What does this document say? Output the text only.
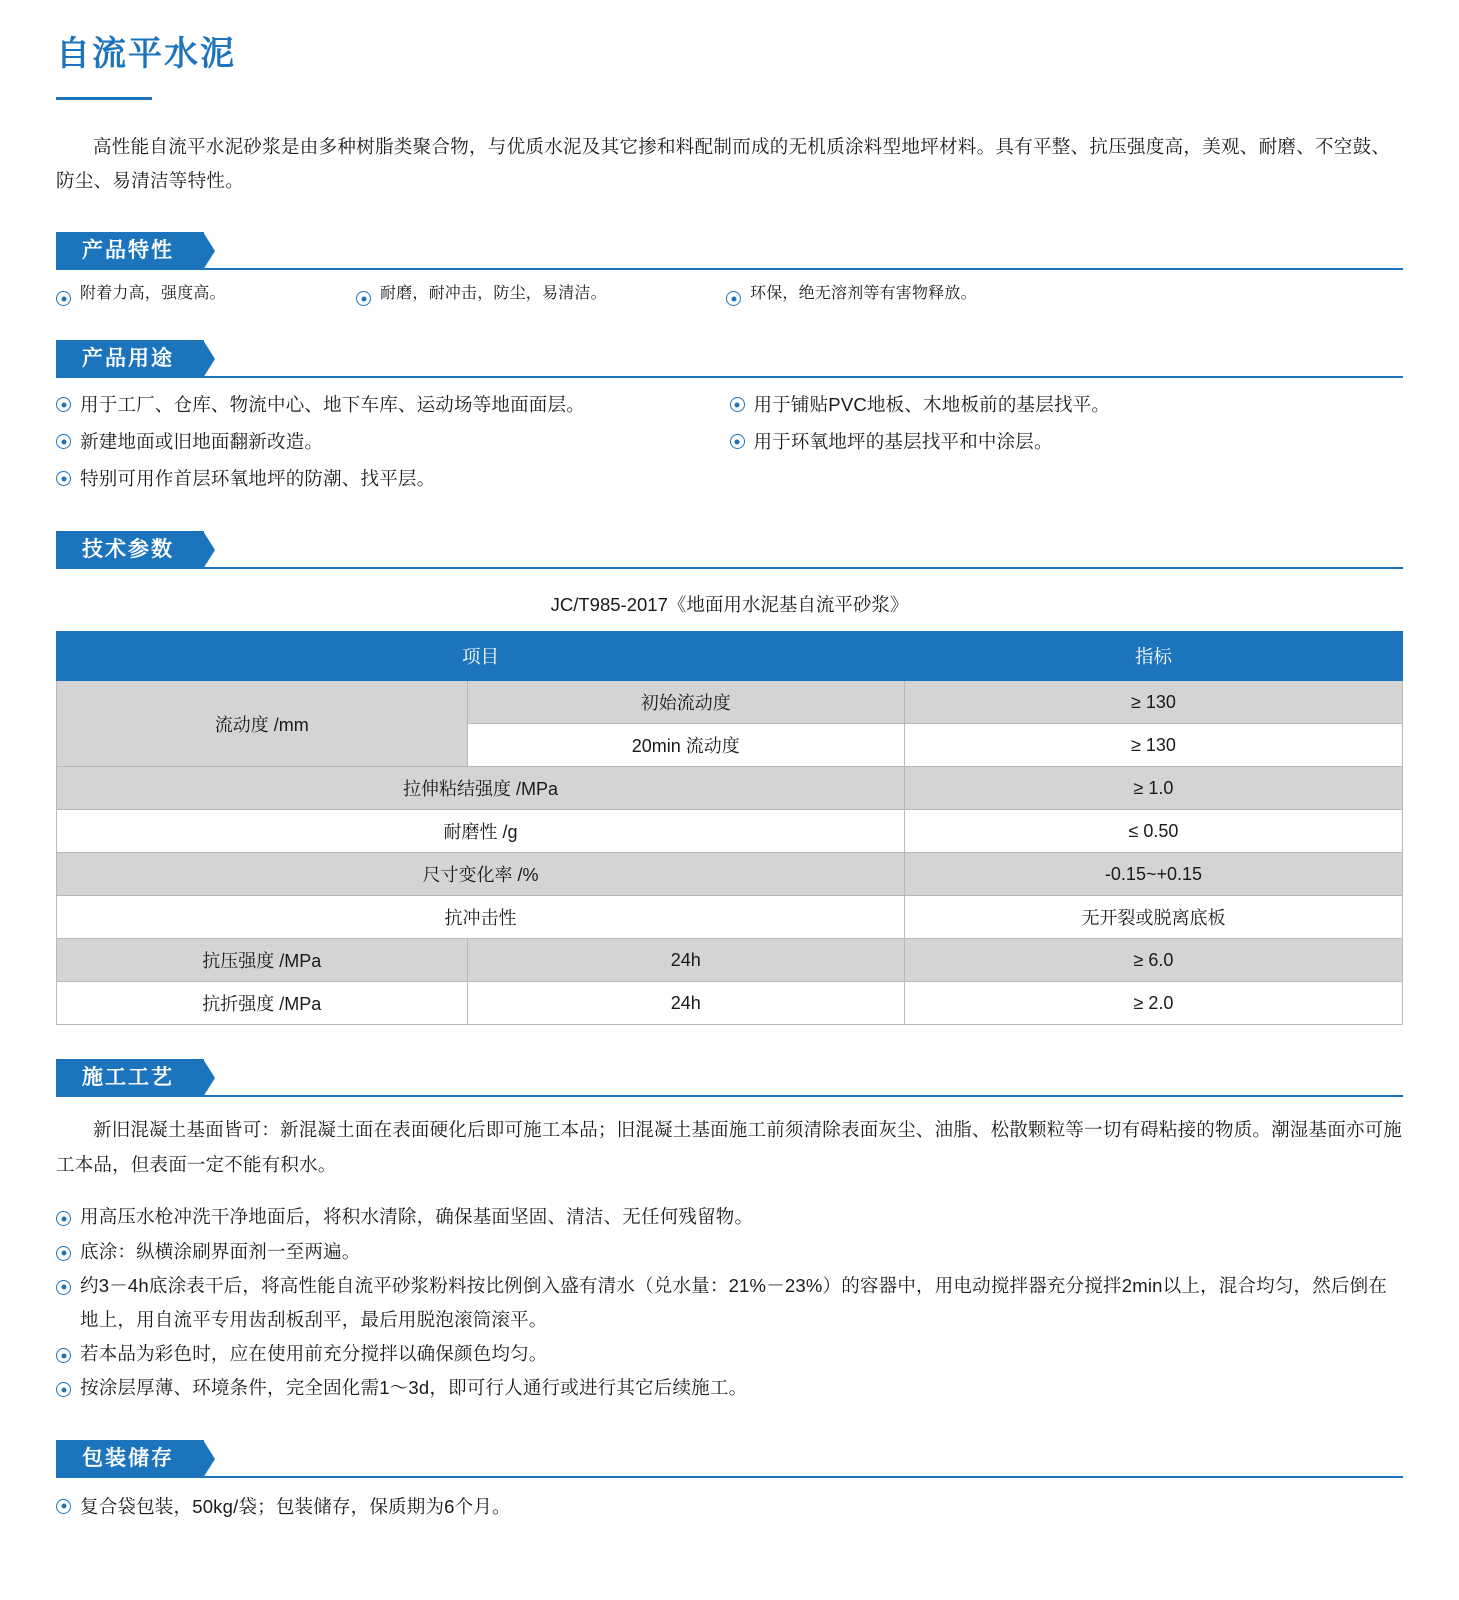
自流平水泥

高性能自流平水泥砂浆是由多种树脂类聚合物，与优质水泥及其它掺和料配制而成的无机质涂料型地坪材料。具有平整、抗压强度高，美观、耐磨、不空鼓、防尘、易清洁等特性。

产品特性
附着力高，强度高。	耐磨，耐冲击，防尘，易清洁。	环保，绝无溶剂等有害物释放。
产品用途
用于工厂、仓库、物流中心、地下车库、运动场等地面面层。
新建地面或旧地面翻新改造。
特别可用作首层环氧地坪的防潮、找平层。
用于铺贴PVC地板、木地板前的基层找平。
用于环氧地坪的基层找平和中涂层。
技术参数
JC/T985-2017《地面用水泥基自流平砂浆》
项目		指标
流动度 /mm	初始流动度	≥ 130
	20min 流动度	≥ 130
拉伸粘结强度 /MPa		≥ 1.0
耐磨性 /g		≤ 0.50
尺寸变化率 /%		-0.15~+0.15
抗冲击性		无开裂或脱离底板
抗压强度 /MPa	24h	≥ 6.0
抗折强度 /MPa	24h	≥ 2.0
施工工艺

新旧混凝土基面皆可：新混凝土面在表面硬化后即可施工本品；旧混凝土基面施工前须清除表面灰尘、油脂、松散颗粒等一切有碍粘接的物质。潮湿基面亦可施工本品，但表面一定不能有积水。

用高压水枪冲洗干净地面后，将积水清除，确保基面坚固、清洁、无任何残留物。
底涂：纵横涂刷界面剂一至两遍。
约3－4h底涂表干后，将高性能自流平砂浆粉料按比例倒入盛有清水（兑水量：21%－23%）的容器中，用电动搅拌器充分搅拌2min以上，混合均匀，然后倒在地上，用自流平专用齿刮板刮平，最后用脱泡滚筒滚平。
若本品为彩色时，应在使用前充分搅拌以确保颜色均匀。
按涂层厚薄、环境条件，完全固化需1～3d，即可行人通行或进行其它后续施工。
包装储存
复合袋包装，50kg/袋；包装储存，保质期为6个月。
